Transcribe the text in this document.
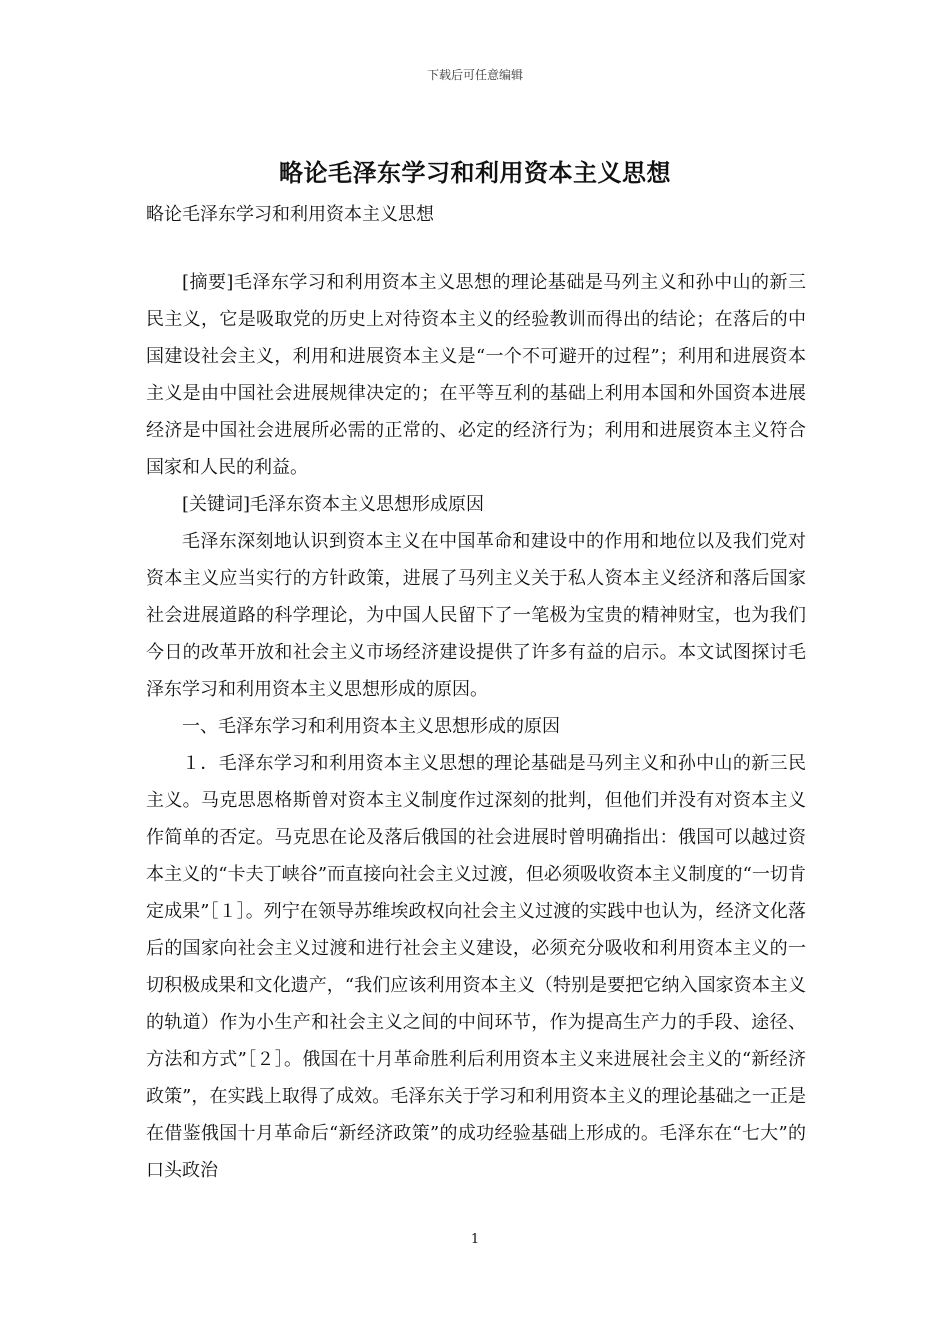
下载后可任意编辑
略论毛泽东学习和利用资本主义思想
略论毛泽东学习和利用资本主义思想

[摘要]毛泽东学习和利用资本主义思想的理论基础是马列主义和孙中山的新三民主义，它是吸取党的历史上对待资本主义的经验教训而得出的结论；在落后的中国建设社会主义，利用和进展资本主义是“一个不可避开的过程”；利用和进展资本主义是由中国社会进展规律决定的；在平等互利的基础上利用本国和外国资本进展经济是中国社会进展所必需的正常的、必定的经济行为；利用和进展资本主义符合国家和人民的利益。

[关键词]毛泽东资本主义思想形成原因

毛泽东深刻地认识到资本主义在中国革命和建设中的作用和地位以及我们党对资本主义应当实行的方针政策，进展了马列主义关于私人资本主义经济和落后国家社会进展道路的科学理论，为中国人民留下了一笔极为宝贵的精神财宝，也为我们今日的改革开放和社会主义市场经济建设提供了许多有益的启示。本文试图探讨毛泽东学习和利用资本主义思想形成的原因。

一、毛泽东学习和利用资本主义思想形成的原因

１．毛泽东学习和利用资本主义思想的理论基础是马列主义和孙中山的新三民主义。马克思恩格斯曾对资本主义制度作过深刻的批判，但他们并没有对资本主义作简单的否定。马克思在论及落后俄国的社会进展时曾明确指出：俄国可以越过资本主义的“卡夫丁峡谷”而直接向社会主义过渡，但必须吸收资本主义制度的“一切肯定成果”［１］。列宁在领导苏维埃政权向社会主义过渡的实践中也认为，经济文化落后的国家向社会主义过渡和进行社会主义建设，必须充分吸收和利用资本主义的一切积极成果和文化遗产，“我们应该利用资本主义（特别是要把它纳入国家资本主义的轨道）作为小生产和社会主义之间的中间环节，作为提高生产力的手段、途径、方法和方式”［２］。俄国在十月革命胜利后利用资本主义来进展社会主义的“新经济政策”，在实践上取得了成效。毛泽东关于学习和利用资本主义的理论基础之一正是在借鉴俄国十月革命后“新经济政策”的成功经验基础上形成的。毛泽东在“七大”的口头政治

1
